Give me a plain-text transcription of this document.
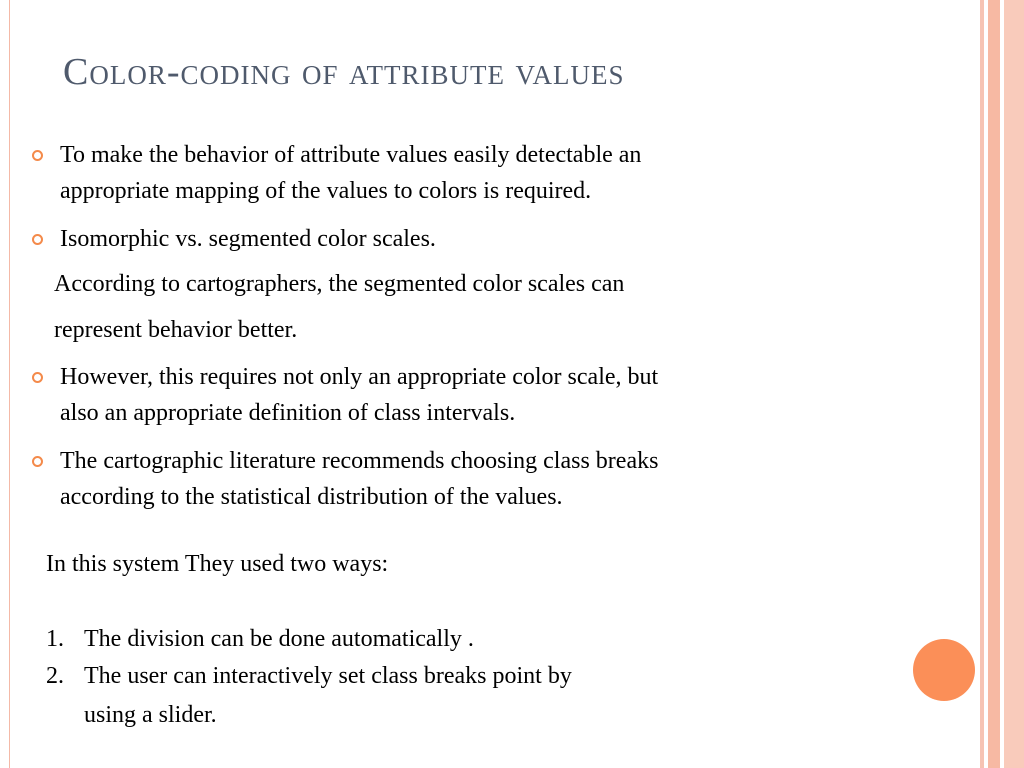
Color-coding of attribute values
To make the behavior of attribute values easily detectable an
appropriate mapping of the values to colors is required.
Isomorphic vs. segmented color scales.
According to cartographers, the segmented color scales can
represent behavior better.
However, this requires not only an appropriate color scale, but
also an appropriate definition of class intervals.
The cartographic literature recommends choosing class breaks
according to the statistical distribution of the values.
In this system They used two ways:
1. The division can be done automatically .
2. The user can interactively set class breaks point by
using a slider.
